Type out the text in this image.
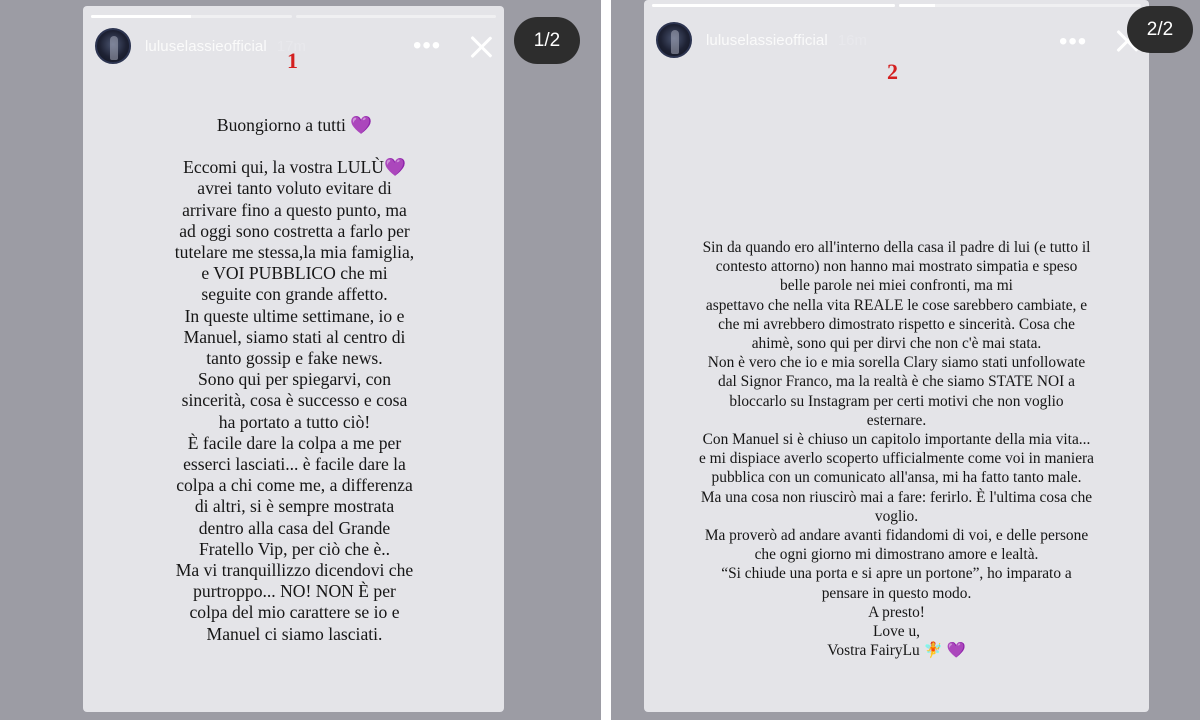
luluselassieofficial 17m	•••	1/2
1
Buongiorno a tutti 💜
Eccomi qui, la vostra LULÙ💜
avrei tanto voluto evitare di
arrivare fino a questo punto, ma
ad oggi sono costretta a farlo per
tutelare me stessa,la mia famiglia,
e VOI PUBBLICO che mi
seguite con grande affetto.
In queste ultime settimane, io e
Manuel, siamo stati al centro di
tanto gossip e fake news.
Sono qui per spiegarvi, con
sincerità, cosa è successo e cosa
ha portato a tutto ciò!
È facile dare la colpa a me per
esserci lasciati... è facile dare la
colpa a chi come me, a differenza
di altri, si è sempre mostrata
dentro alla casa del Grande
Fratello Vip, per ciò che è..
Ma vi tranquillizzo dicendovi che
purtroppo... NO! NON È per
colpa del mio carattere se io e
Manuel ci siamo lasciati.
luluselassieofficial 16m	•••	2/2
2
Sin da quando ero all'interno della casa il padre di lui (e tutto il
contesto attorno) non hanno mai mostrato simpatia e speso
belle parole nei miei confronti, ma mi
aspettavo che nella vita REALE le cose sarebbero cambiate, e
che mi avrebbero dimostrato rispetto e sincerità. Cosa che
ahimè, sono qui per dirvi che non c'è mai stata.
Non è vero che io e mia sorella Clary siamo stati unfollowate
dal Signor Franco, ma la realtà è che siamo STATE NOI a
bloccarlo su Instagram per certi motivi che non voglio
esternare.
Con Manuel si è chiuso un capitolo importante della mia vita...
e mi dispiace averlo scoperto ufficialmente come voi in maniera
pubblica con un comunicato all'ansa, mi ha fatto tanto male.
Ma una cosa non riuscirò mai a fare: ferirlo. È l'ultima cosa che
voglio.
Ma proverò ad andare avanti fidandomi di voi, e delle persone
che ogni giorno mi dimostrano amore e lealtà.
“Si chiude una porta e si apre un portone”, ho imparato a
pensare in questo modo.
A presto!
Love u,
Vostra FairyLu 🧚 💜
